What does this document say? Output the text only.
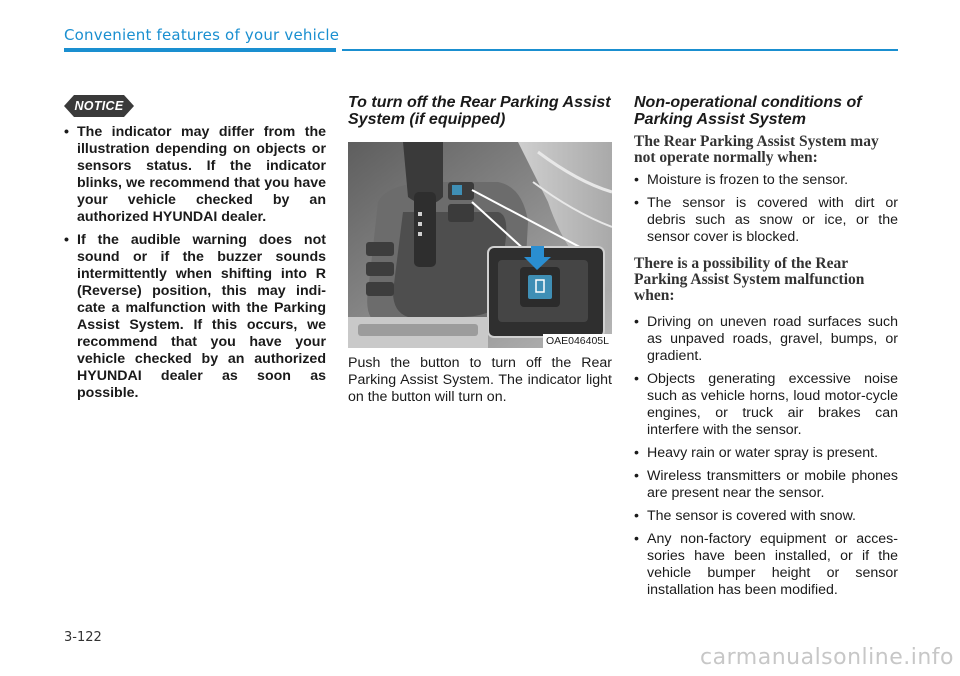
Convenient features of your vehicle
NOTICE
• The indicator may differ from the illustration depending on objects or sensors status. If the indicator blinks, we recommend that you have your vehicle checked by an authorized HYUNDAI dealer.
• If the audible warning does not sound or if the buzzer sounds intermittently when shifting into R (Reverse) position, this may indi-cate a malfunction with the Parking Assist System. If this occurs, we recommend that you have your vehicle checked by an authorized HYUNDAI dealer as soon as possible.
To turn off the Rear Parking Assist System (if equipped)
OAE046405L
Push the button to turn off the Rear Parking Assist System. The indicator light on the button will turn on.
Non-operational conditions of Parking Assist System
The Rear Parking Assist System may not operate normally when:
• Moisture is frozen to the sensor.
• The sensor is covered with dirt or debris such as snow or ice, or the sensor cover is blocked.
There is a possibility of the Rear Parking Assist System malfunction when:
• Driving on uneven road surfaces such as unpaved roads, gravel, bumps, or gradient.
• Objects generating excessive noise such as vehicle horns, loud motor-cycle engines, or truck air brakes can interfere with the sensor.
• Heavy rain or water spray is present.
• Wireless transmitters or mobile phones are present near the sensor.
• The sensor is covered with snow.
• Any non-factory equipment or acces-sories have been installed, or if the vehicle bumper height or sensor installation has been modified.
3-122
carmanualsonline.info
